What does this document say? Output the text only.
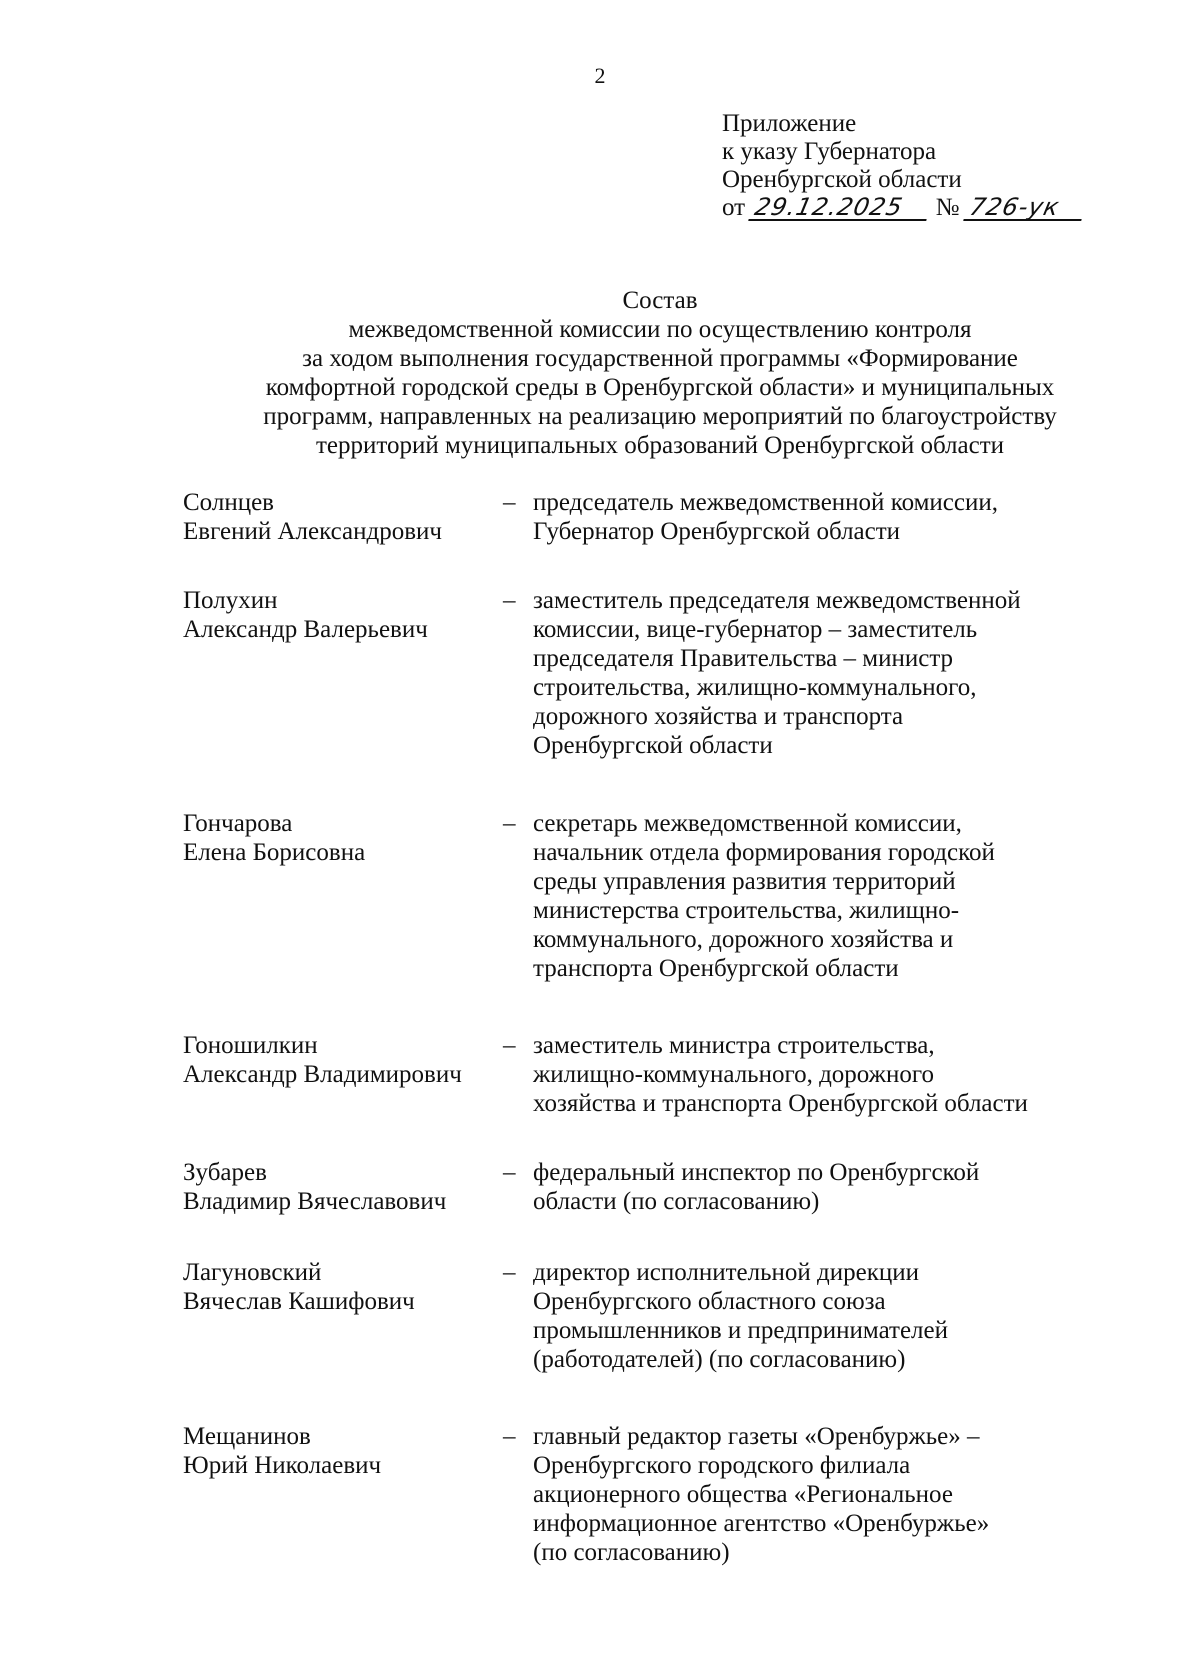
2
Приложение
к указу Губернатора
Оренбургской области
от 29.12.2025 № 726-ук
Состав
межведомственной комиссии по осуществлению контроля
за ходом выполнения государственной программы «Формирование
комфортной городской среды в Оренбургской области» и муниципальных
программ, направленных на реализацию мероприятий по благоустройству
территорий муниципальных образований Оренбургской области
Солнцев
Евгений Александрович
– председатель межведомственной комиссии,
Губернатор Оренбургской области
Полухин
Александр Валерьевич
– заместитель председателя межведомственной
комиссии, вице-губернатор – заместитель
председателя Правительства – министр
строительства, жилищно-коммунального,
дорожного хозяйства и транспорта
Оренбургской области
Гончарова
Елена Борисовна
– секретарь межведомственной комиссии,
начальник отдела формирования городской
среды управления развития территорий
министерства строительства, жилищно-
коммунального, дорожного хозяйства и
транспорта Оренбургской области
Гоношилкин
Александр Владимирович
– заместитель министра строительства,
жилищно-коммунального, дорожного
хозяйства и транспорта Оренбургской области
Зубарев
Владимир Вячеславович
– федеральный инспектор по Оренбургской
области (по согласованию)
Лагуновский
Вячеслав Кашифович
– директор исполнительной дирекции
Оренбургского областного союза
промышленников и предпринимателей
(работодателей) (по согласованию)
Мещанинов
Юрий Николаевич
– главный редактор газеты «Оренбуржье» –
Оренбургского городского филиала
акционерного общества «Региональное
информационное агентство «Оренбуржье»
(по согласованию)
